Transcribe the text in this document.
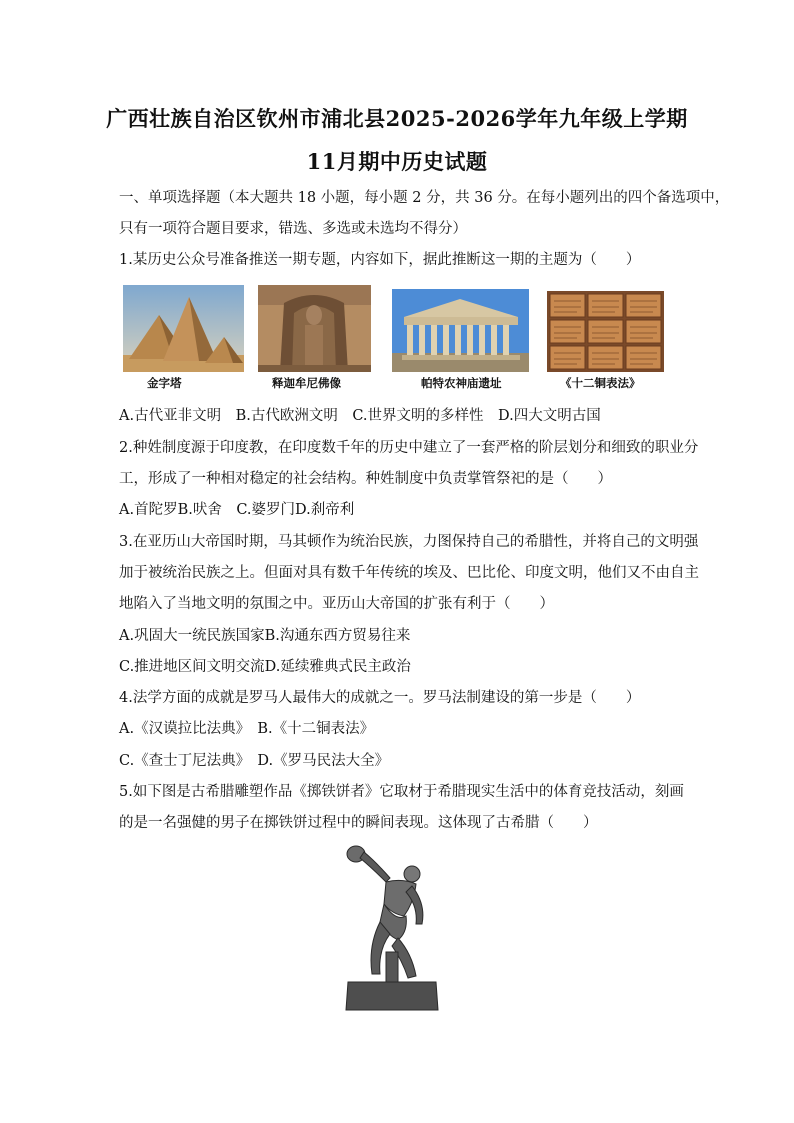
广西壮族自治区钦州市浦北县2025-2026学年九年级上学期
11月期中历史试题
一、单项选择题（本大题共 18 小题，每小题 2 分，共 36 分。在每小题列出的四个备选项中，
只有一项符合题目要求，错选、多选或未选均不得分）
1.某历史公众号准备推送一期专题，内容如下，据此推断这一期的主题为（　　）
金字塔	释迦牟尼佛像	帕特农神庙遗址	《十二铜表法》
A.古代亚非文明　B.古代欧洲文明　C.世界文明的多样性　D.四大文明古国
2.种姓制度源于印度教，在印度数千年的历史中建立了一套严格的阶层划分和细致的职业分
工，形成了一种相对稳定的社会结构。种姓制度中负责掌管祭祀的是（　　）
A.首陀罗B.吠舍　C.婆罗门D.刹帝利
3.在亚历山大帝国时期，马其顿作为统治民族，力图保持自己的希腊性，并将自己的文明强
加于被统治民族之上。但面对具有数千年传统的埃及、巴比伦、印度文明，他们又不由自主
地陷入了当地文明的氛围之中。亚历山大帝国的扩张有利于（　　）
A.巩固大一统民族国家B.沟通东西方贸易往来
C.推进地区间文明交流D.延续雅典式民主政治
4.法学方面的成就是罗马人最伟大的成就之一。罗马法制建设的第一步是（　　）
A.《汉谟拉比法典》　B.《十二铜表法》
C.《查士丁尼法典》　D.《罗马民法大全》
5.如下图是古希腊雕塑作品《掷铁饼者》它取材于希腊现实生活中的体育竞技活动，刻画
的是一名强健的男子在掷铁饼过程中的瞬间表现。这体现了古希腊（　　）
